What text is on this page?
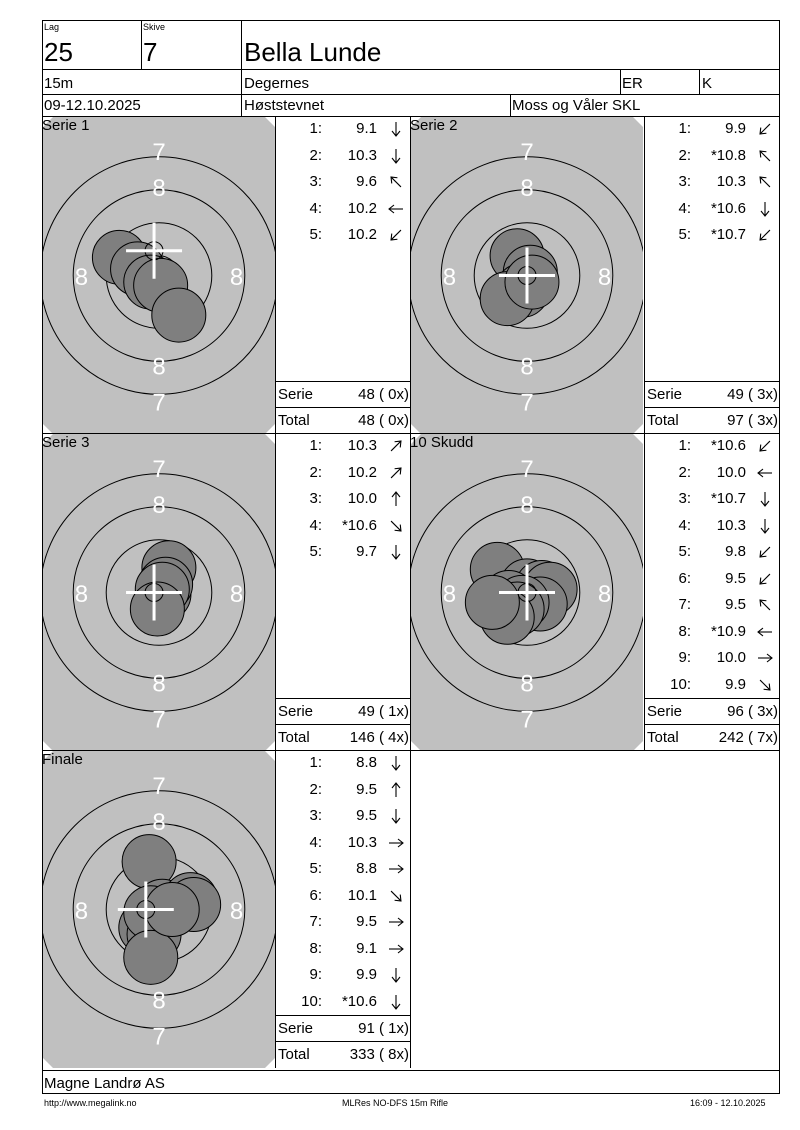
Lag
25
Skive
7	Bella Lunde
15m	Degernes	ER	K
09-12.10.2025	Høststevnet	Moss og Våler SKL
7
8
8	8
8
7
Serie 1	1:	9.1
2:	10.3
3:	9.6
4:	10.2
5:	10.2
Serie	48 ( 0x)
Total	48 ( 0x)
7
8
8	8
8
7
Serie 2	1:	9.9
2:	*10.8
3:	10.3
4:	*10.6
5:	*10.7
Serie	49 ( 3x)
Total	97 ( 3x)
7
8
8	8
8
7
Serie 3	1:	10.3
2:	10.2
3:	10.0
4:	*10.6
5:	9.7
Serie	49 ( 1x)
Total	146 ( 4x)
7
8
8	8
8
7
10 Skudd	1:	*10.6
2:	10.0
3:	*10.7
4:	10.3
5:	9.8
6:	9.5
7:	9.5
8:	*10.9
9:	10.0
10:	9.9
Serie	96 ( 3x)
Total	242 ( 7x)
7
8
8	8
8
7
Finale	1:	8.8
2:	9.5
3:	9.5
4:	10.3
5:	8.8
6:	10.1
7:	9.5
8:	9.1
9:	9.9
10:	*10.6
Serie	91 ( 1x)
Total	333 ( 8x)
Magne Landrø AS
http://www.megalink.no	MLRes NO-DFS 15m Rifle	16:09 - 12.10.2025
